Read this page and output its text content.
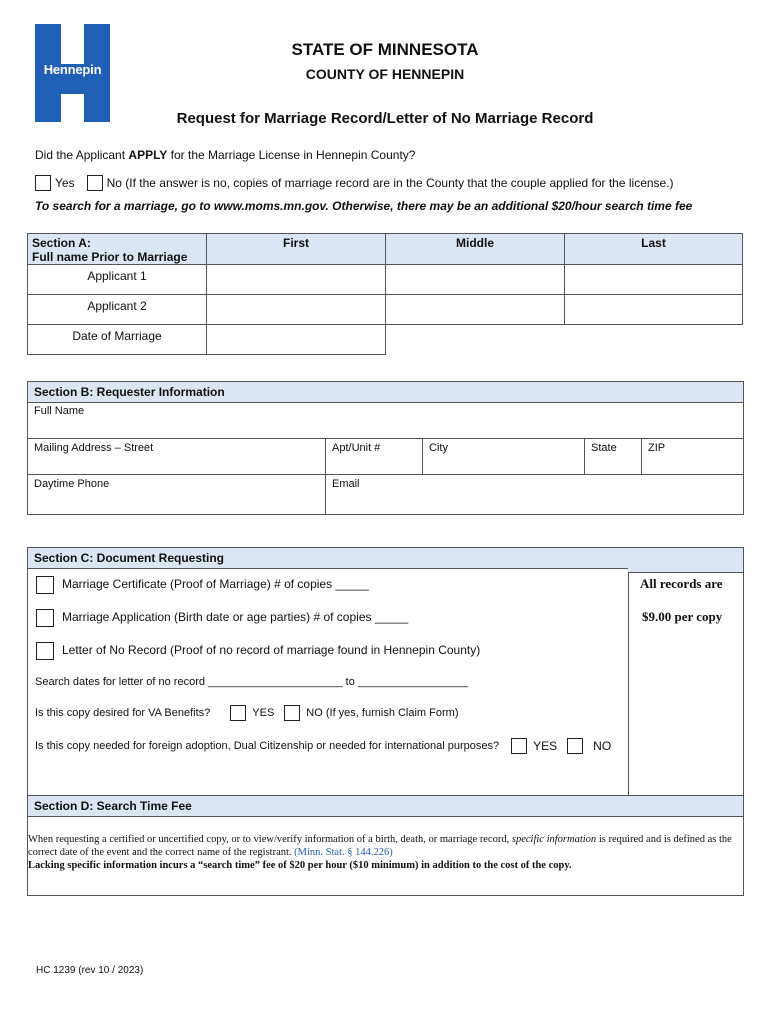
Hennepin
STATE OF MINNESOTA
COUNTY OF HENNEPIN
Request for Marriage Record/Letter of No Marriage Record
Did the Applicant APPLY for the Marriage License in Hennepin County?
Yes	No (If the answer is no, copies of marriage record are in the County that the couple applied for the license.)
To search for a marriage, go to www.moms.mn.gov. Otherwise, there may be an additional $20/hour search time fee
Section A:
Full name Prior to Marriage	First	Middle	Last
Applicant 1			
Applicant 2			
Date of Marriage			
Section B: Requester Information
Full Name
Mailing Address – Street	Apt/Unit #	City	State	ZIP
Daytime Phone	Email
Section C: Document Requesting
Marriage Certificate (Proof of Marriage) # of copies _____
Marriage Application (Birth date or age parties) # of copies _____
Letter of No Record (Proof of no record of marriage found in Hennepin County)
All records are
$9.00 per copy
Search dates for letter of no record ______________________ to __________________
Is this copy desired for VA Benefits?	YES	NO (If yes, furnish Claim Form)
Is this copy needed for foreign adoption, Dual Citizenship or needed for international purposes?	YES	NO
Section D: Search Time Fee
When requesting a certified or uncertified copy, or to view/verify information of a birth, death, or marriage record, specific information is required and is defined as the correct date of the event and the correct name of the registrant. (Minn. Stat. § 144.226)
Lacking specific information incurs a “search time” fee of $20 per hour ($10 minimum) in addition to the cost of the copy.
HC 1239 (rev 10 / 2023)
